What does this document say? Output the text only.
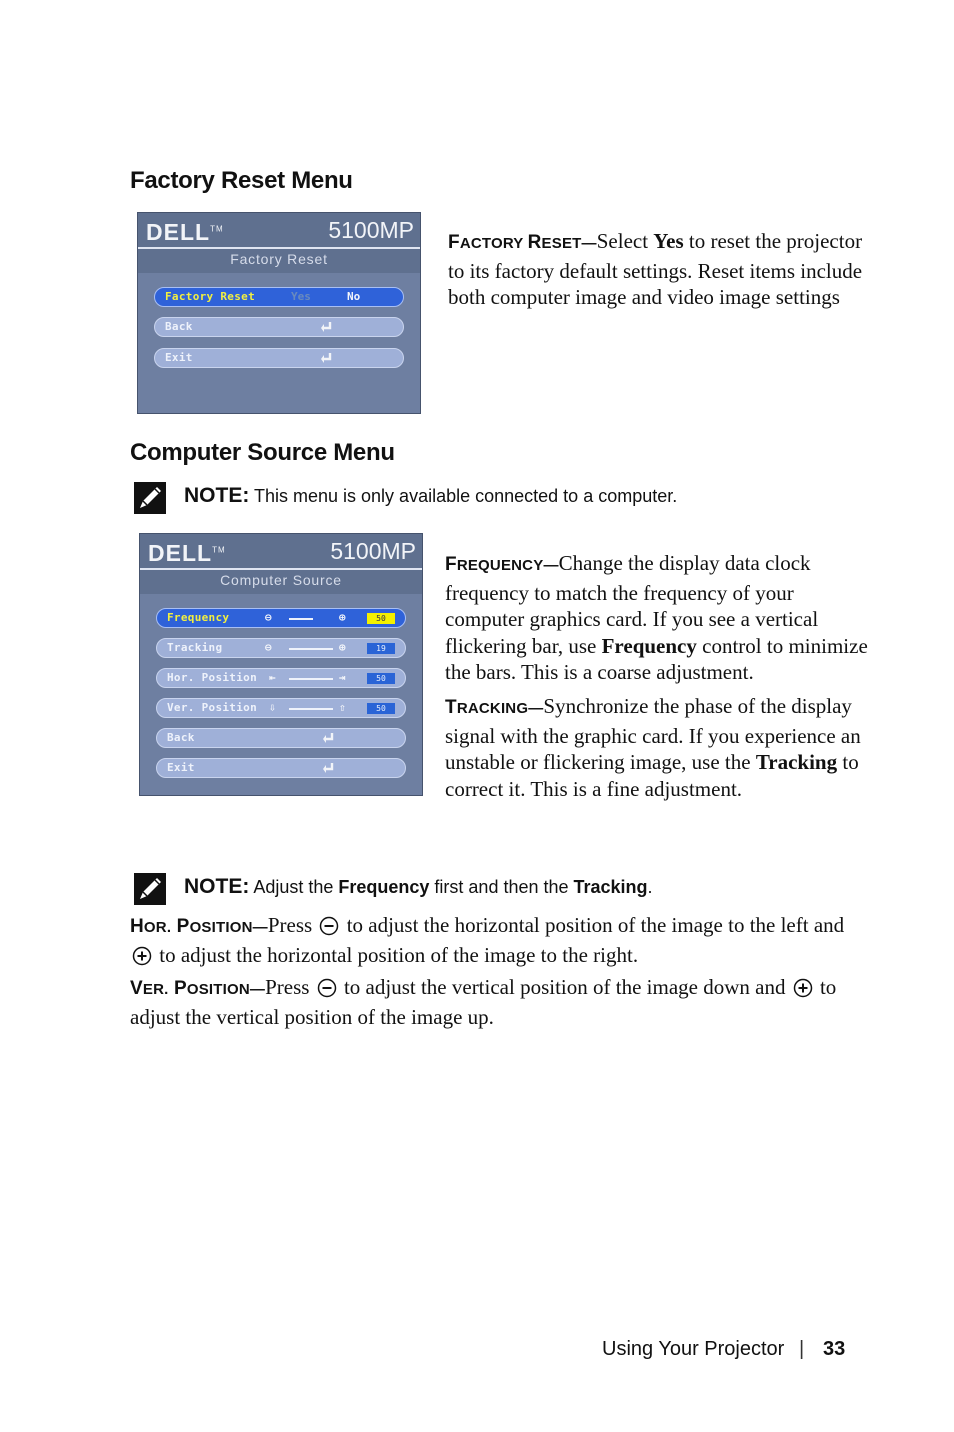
Factory Reset Menu
DELL™	5100MP
Factory Reset
Factory Reset	Yes	No
Back
Exit
FACTORY RESET—Select Yes to reset the projector to its factory default settings. Reset items include both computer image and video image settings
Computer Source Menu
NOTE: This menu is only available connected to a computer.
DELL™	5100MP
Computer Source
Frequency	⊖	⊕	50
Tracking	⊖	⊕	19
Hor. Position ⇤	⇥	50
Ver. Position ⇩	⇧	50
Back
Exit
FREQUENCY—Change the display data clock frequency to match the frequency of your computer graphics card. If you see a vertical flickering bar, use Frequency control to minimize the bars. This is a coarse adjustment.
TRACKING—Synchronize the phase of the display signal with the graphic card. If you experience an unstable or flickering image, use the Tracking to correct it. This is a fine adjustment.
NOTE: Adjust the Frequency first and then the Tracking.
HOR. POSITION—Press  to adjust the horizontal position of the image to the left and  to adjust the horizontal position of the image to the right.
VER. POSITION—Press  to adjust the vertical position of the image down and  to adjust the vertical position of the image up.
Using Your Projector | 33
